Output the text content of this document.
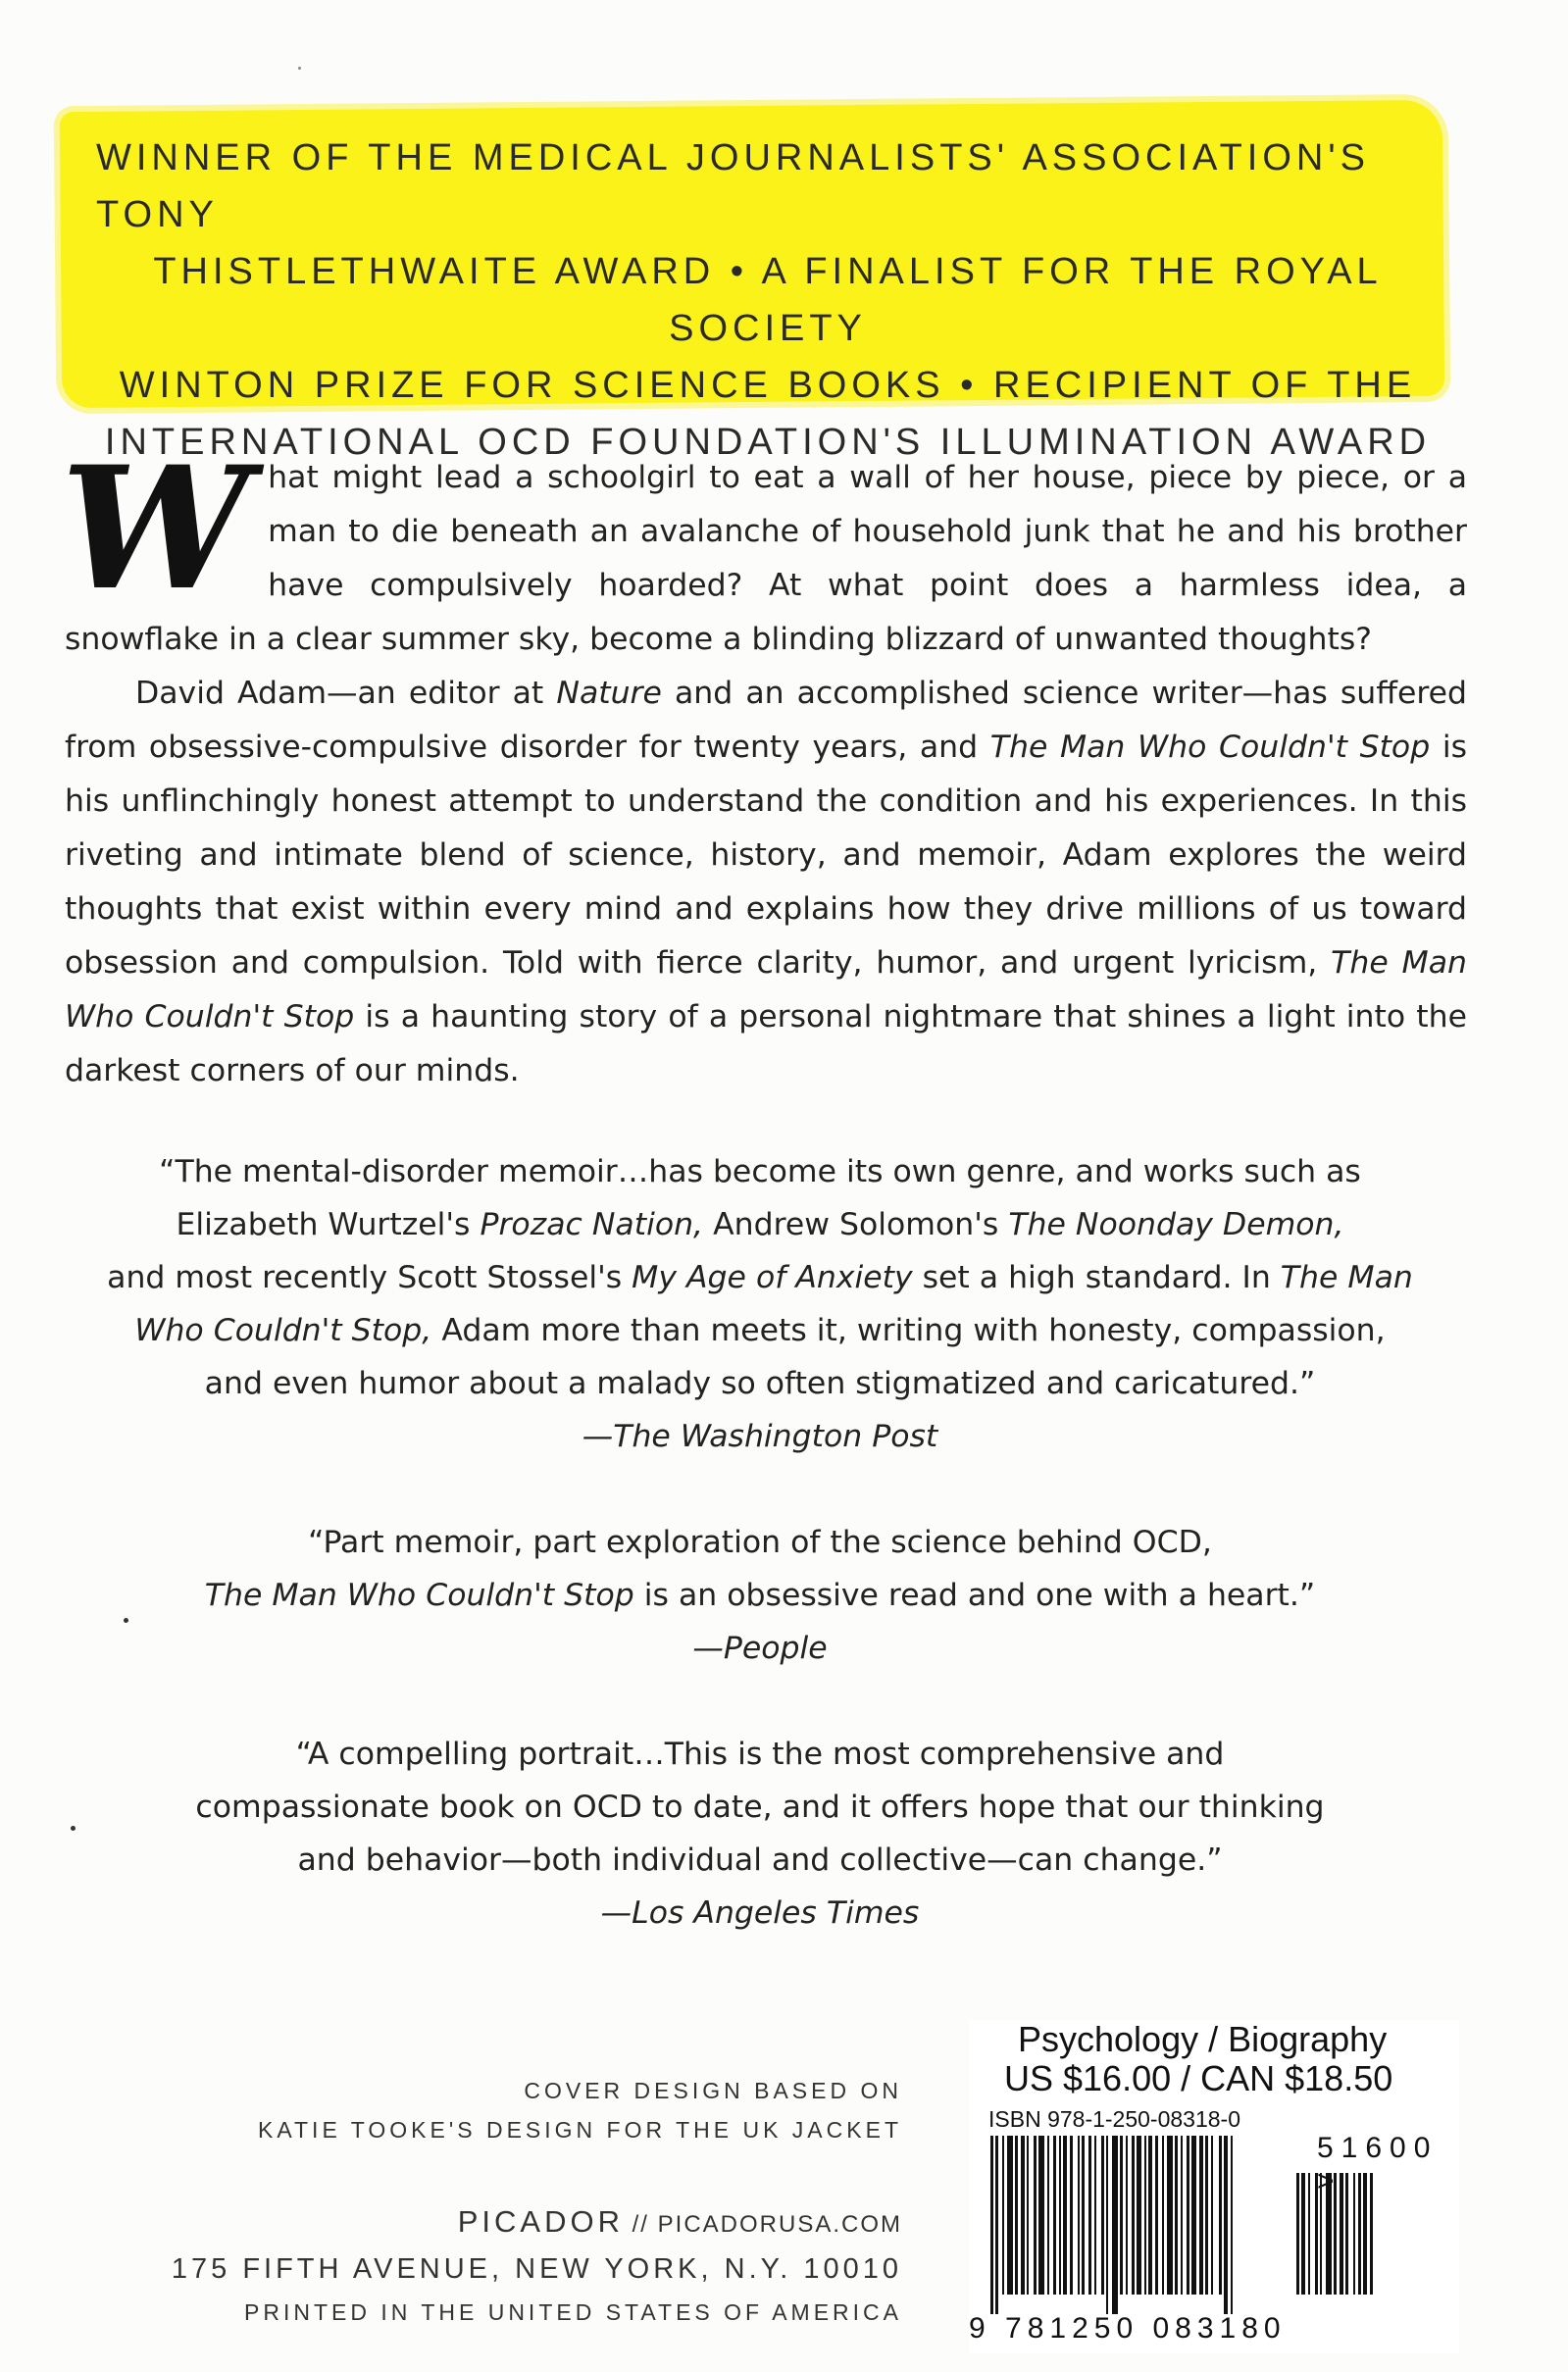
WINNER OF THE MEDICAL JOURNALISTS' ASSOCIATION'S TONY
THISTLETHWAITE AWARD • A FINALIST FOR THE ROYAL SOCIETY
WINTON PRIZE FOR SCIENCE BOOKS • RECIPIENT OF THE
INTERNATIONAL OCD FOUNDATION'S ILLUMINATION AWARD
W hat might lead a schoolgirl to eat a wall of her house, piece by piece, or a man to die beneath an avalanche of household junk that he and his brother have compulsively hoarded? At what point does a harmless idea, a snowflake in a clear summer sky, become a blinding blizzard of unwanted thoughts?

David Adam—an editor at Nature and an accomplished science writer—has suffered from obsessive-compulsive disorder for twenty years, and The Man Who Couldn't Stop is his unflinchingly honest attempt to understand the condition and his experiences. In this riveting and intimate blend of science, history, and memoir, Adam explores the weird thoughts that exist within every mind and explains how they drive millions of us toward obsession and compulsion. Told with fierce clarity, humor, and urgent lyricism, The Man Who Couldn't Stop is a haunting story of a personal nightmare that shines a light into the darkest corners of our minds.

“The mental-disorder memoir…has become its own genre, and works such as
Elizabeth Wurtzel's Prozac Nation, Andrew Solomon's The Noonday Demon,
and most recently Scott Stossel's My Age of Anxiety set a high standard. In The Man
Who Couldn't Stop, Adam more than meets it, writing with honesty, compassion,
and even humor about a malady so often stigmatized and caricatured.”
—The Washington Post
“Part memoir, part exploration of the science behind OCD,
The Man Who Couldn't Stop is an obsessive read and one with a heart.”
—People
“A compelling portrait…This is the most comprehensive and
compassionate book on OCD to date, and it offers hope that our thinking
and behavior—both individual and collective—can change.”
—Los Angeles Times
COVER DESIGN BASED ON
KATIE TOOKE'S DESIGN FOR THE UK JACKET
PICADOR // PICADORUSA.COM
175 FIFTH AVENUE, NEW YORK, N.Y. 10010
PRINTED IN THE UNITED STATES OF AMERICA
Psychology / Biography
US $16.00 / CAN $18.50
ISBN 978-1-250-08318-0
51600
9 781250 083180
